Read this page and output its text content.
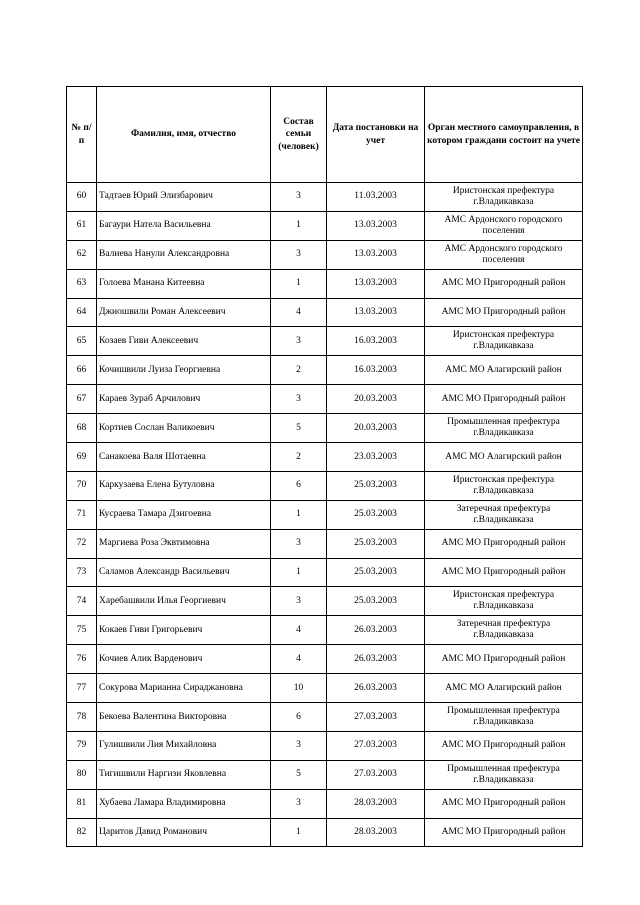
№ п/п	Фамилия, имя, отчество	Состав семьи (человек)	Дата постановки на учет	Орган местного самоуправления, в котором граждани состоит на учете
60	Тадтаев Юрий Элизбарович	3	11.03.2003	Иристонская префектура г.Владикавказа
61	Багаури Натела Васильевна	1	13.03.2003	АМС Ардонского городского поселения
62	Валиева Нанули Александровна	3	13.03.2003	АМС Ардонского городского поселения
63	Голоева Манана Китеевна	1	13.03.2003	АМС МО Пригородный район
64	Джиошвили Роман Алексеевич	4	13.03.2003	АМС МО Пригородный район
65	Козаев Гиви Алексеевич	3	16.03.2003	Иристонская префектура г.Владикавказа
66	Кочишвили Луиза Георгиевна	2	16.03.2003	АМС МО Алагирский район
67	Караев Зураб Арчилович	3	20.03.2003	АМС МО Пригородный район
68	Кортиев Сослан Валикоевич	5	20.03.2003	Промышленная префектура г.Владикавказа
69	Санакоева Валя Шотаевна	2	23.03.2003	АМС МО Алагирский район
70	Каркузаева Елена Бутуловна	6	25.03.2003	Иристонская префектура г.Владикавказа
71	Кусраева Тамара Дзигоевна	1	25.03.2003	Затеречная префектура г.Владикавказа
72	Маргиева Роза Эквтимовна	3	25.03.2003	АМС МО Пригородный район
73	Саламов Александр Васильевич	1	25.03.2003	АМС МО Пригородный район
74	Харебашвили Илья Георгиевич	3	25.03.2003	Иристонская префектура г.Владикавказа
75	Кокаев Гиви Григорьевич	4	26.03.2003	Затеречная префектура г.Владикавказа
76	Кочиев Алик Варденович	4	26.03.2003	АМС МО Пригородный район
77	Сокурова Марианна Сираджановна	10	26.03.2003	АМС МО Алагирский район
78	Бекоева Валентина Викторовна	6	27.03.2003	Промышленная префектура г.Владикавказа
79	Гулишвили Лия Михайловна	3	27.03.2003	АМС МО Пригородный район
80	Тигишвили Наргизи Яковлевна	5	27.03.2003	Промышленная префектура г.Владикавказа
81	Хубаева Ламара Владимировна	3	28.03.2003	АМС МО Пригородный район
82	Царитов Давид Романович	1	28.03.2003	АМС МО Пригородный район
